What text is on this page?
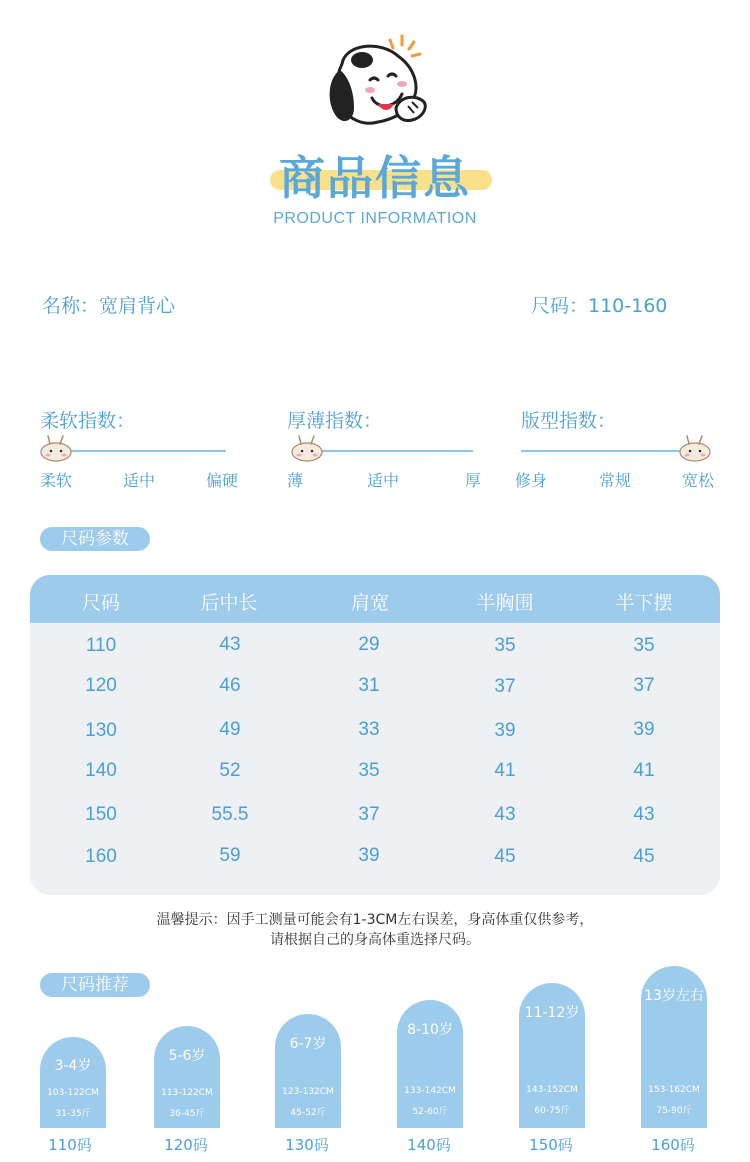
商品信息
PRODUCT INFORMATION
名称：宽肩背心	尺码：110-160
柔软指数：
柔软	适中	偏硬
厚薄指数：
薄	适中	厚
版型指数：
修身	常规	宽松
尺码参数
尺码	后中长	肩宽	半胸围	半下摆
110	43	29	35	35
120	46	31	37	37
130	49	33	39	39
140	52	35	41	41
150	55.5	37	43	43
160	59	39	45	45
温馨提示：因手工测量可能会有1-3CM左右误差，身高体重仅供参考，
请根据自己的身高体重选择尺码。
尺码推荐
3-4岁
103-122CM
31-35斤
5-6岁
113-122CM
36-45斤
6-7岁
123-132CM
45-52斤
8-10岁
133-142CM
52-60斤
11-12岁
143-152CM
60-75斤
13岁左右
153-162CM
75-90斤
110码	120码	130码	140码	150码	160码
